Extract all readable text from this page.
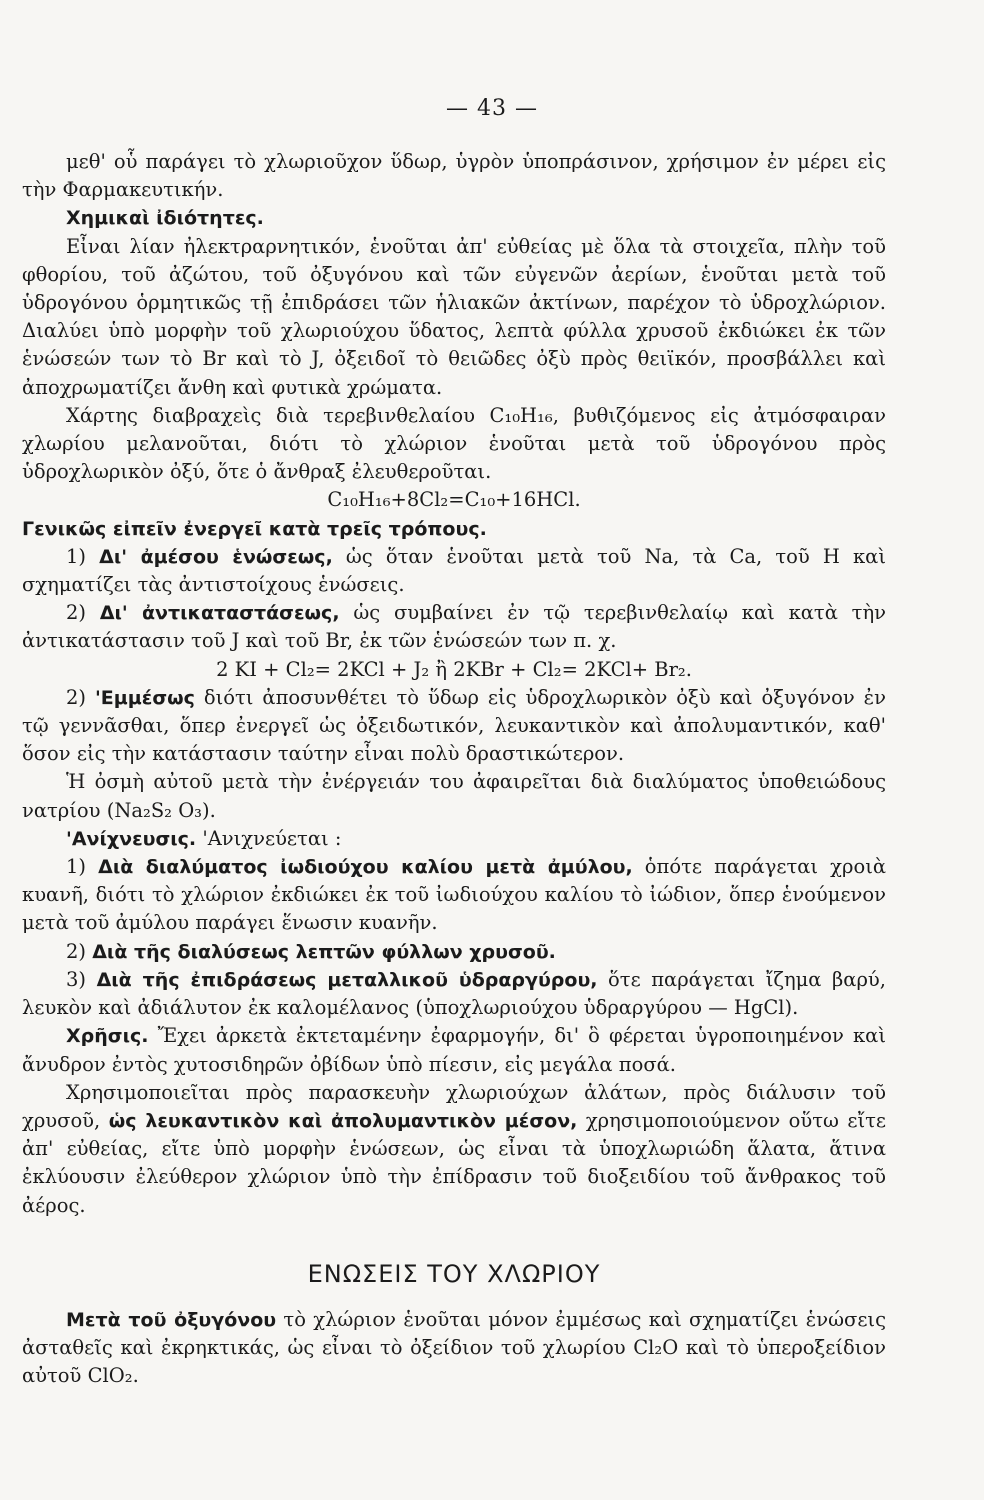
— 43 —

μεθ' οὗ παράγει τὸ χλωριοῦχον ὕδωρ, ὑγρὸν ὑποπράσινον, χρήσιμον ἐν μέρει εἰς τὴν Φαρμακευτικήν.

Χημικαὶ ἰδιότητες.

Εἶναι λίαν ἠλεκτραρνητικόν, ἑνοῦται ἀπ' εὐθείας μὲ ὅλα τὰ στοιχεῖα, πλὴν τοῦ φθορίου, τοῦ ἀζώτου, τοῦ ὀξυγόνου καὶ τῶν εὐγενῶν ἀερίων, ἑνοῦται μετὰ τοῦ ὑδρογόνου ὁρμητικῶς τῇ ἐπιδράσει τῶν ἡλιακῶν ἀκτίνων, παρέχον τὸ ὑδροχλώριον. Διαλύει ὑπὸ μορφὴν τοῦ χλωριούχου ὕδατος, λεπτὰ φύλλα χρυσοῦ ἐκδιώκει ἐκ τῶν ἑνώσεών των τὸ Br καὶ τὸ J, ὀξειδοῖ τὸ θειῶδες ὀξὺ πρὸς θειϊκόν, προσβάλλει καὶ ἀποχρωματίζει ἄνθη καὶ φυτικὰ χρώματα.

Χάρτης διαβραχεὶς διὰ τερεβινθελαίου C₁₀H₁₆, βυθιζόμενος εἰς ἀτμόσφαιραν χλωρίου μελανοῦται, διότι τὸ χλώριον ἑνοῦται μετὰ τοῦ ὑδρογόνου πρὸς ὑδροχλωρικὸν ὀξύ, ὅτε ὁ ἄνθραξ ἐλευθεροῦται.

C₁₀H₁₆+8Cl₂=C₁₀+16HCl.

Γενικῶς εἰπεῖν ἐνεργεῖ κατὰ τρεῖς τρόπους.

1) Δι' ἀμέσου ἑνώσεως, ὡς ὅταν ἑνοῦται μετὰ τοῦ Na, τὰ Ca, τοῦ H καὶ σχηματίζει τὰς ἀντιστοίχους ἑνώσεις.

2) Δι' ἀντικαταστάσεως, ὡς συμβαίνει ἐν τῷ τερεβινθελαίῳ καὶ κατὰ τὴν ἀντικατάστασιν τοῦ J καὶ τοῦ Br, ἐκ τῶν ἑνώσεών των π. χ.

2 KI + Cl₂= 2KCl + J₂ ἢ 2KBr + Cl₂= 2KCl+ Br₂.

2) 'Εμμέσως διότι ἀποσυνθέτει τὸ ὕδωρ εἰς ὑδροχλωρικὸν ὀξὺ καὶ ὀξυγόνον ἐν τῷ γεννᾶσθαι, ὅπερ ἐνεργεῖ ὡς ὀξειδωτικόν, λευκαντικὸν καὶ ἀπολυμαντικόν, καθ' ὅσον εἰς τὴν κατάστασιν ταύτην εἶναι πολὺ δραστικώτερον.

Ἡ ὀσμὴ αὐτοῦ μετὰ τὴν ἐνέργειάν του ἀφαιρεῖται διὰ διαλύματος ὑποθειώδους νατρίου (Na₂S₂ O₃).

'Ανίχνευσις. 'Ανιχνεύεται :

1) Διὰ διαλύματος ἰωδιούχου καλίου μετὰ ἀμύλου, ὁπότε παράγεται χροιὰ κυανῆ, διότι τὸ χλώριον ἐκδιώκει ἐκ τοῦ ἰωδιούχου καλίου τὸ ἰώδιον, ὅπερ ἑνούμενον μετὰ τοῦ ἀμύλου παράγει ἕνωσιν κυανῆν.

2) Διὰ τῆς διαλύσεως λεπτῶν φύλλων χρυσοῦ.

3) Διὰ τῆς ἐπιδράσεως μεταλλικοῦ ὑδραργύρου, ὅτε παράγεται ἴζημα βαρύ, λευκὸν καὶ ἀδιάλυτον ἐκ καλομέλανος (ὑποχλωριούχου ὑδραργύρου — HgCl).

Χρῆσις. Ἔχει ἀρκετὰ ἐκτεταμένην ἐφαρμογήν, δι' ὃ φέρεται ὑγροποιημένον καὶ ἄνυδρον ἐντὸς χυτοσιδηρῶν ὀβίδων ὑπὸ πίεσιν, εἰς μεγάλα ποσά.

Χρησιμοποιεῖται πρὸς παρασκευὴν χλωριούχων ἁλάτων, πρὸς διάλυσιν τοῦ χρυσοῦ, ὡς λευκαντικὸν καὶ ἀπολυμαντικὸν μέσον, χρησιμοποιούμενον οὕτω εἴτε ἀπ' εὐθείας, εἴτε ὑπὸ μορφὴν ἑνώσεων, ὡς εἶναι τὰ ὑποχλωριώδη ἅλατα, ἅτινα ἐκλύουσιν ἐλεύθερον χλώριον ὑπὸ τὴν ἐπίδρασιν τοῦ διοξειδίου τοῦ ἄνθρακος τοῦ ἀέρος.

ΕΝΩΣΕΙΣ ΤΟΥ ΧΛΩΡΙΟΥ

Μετὰ τοῦ ὀξυγόνου τὸ χλώριον ἑνοῦται μόνον ἐμμέσως καὶ σχηματίζει ἑνώσεις ἀσταθεῖς καὶ ἐκρηκτικάς, ὡς εἶναι τὸ ὀξείδιον τοῦ χλωρίου Cl₂O καὶ τὸ ὑπεροξείδιον αὐτοῦ ClO₂.
